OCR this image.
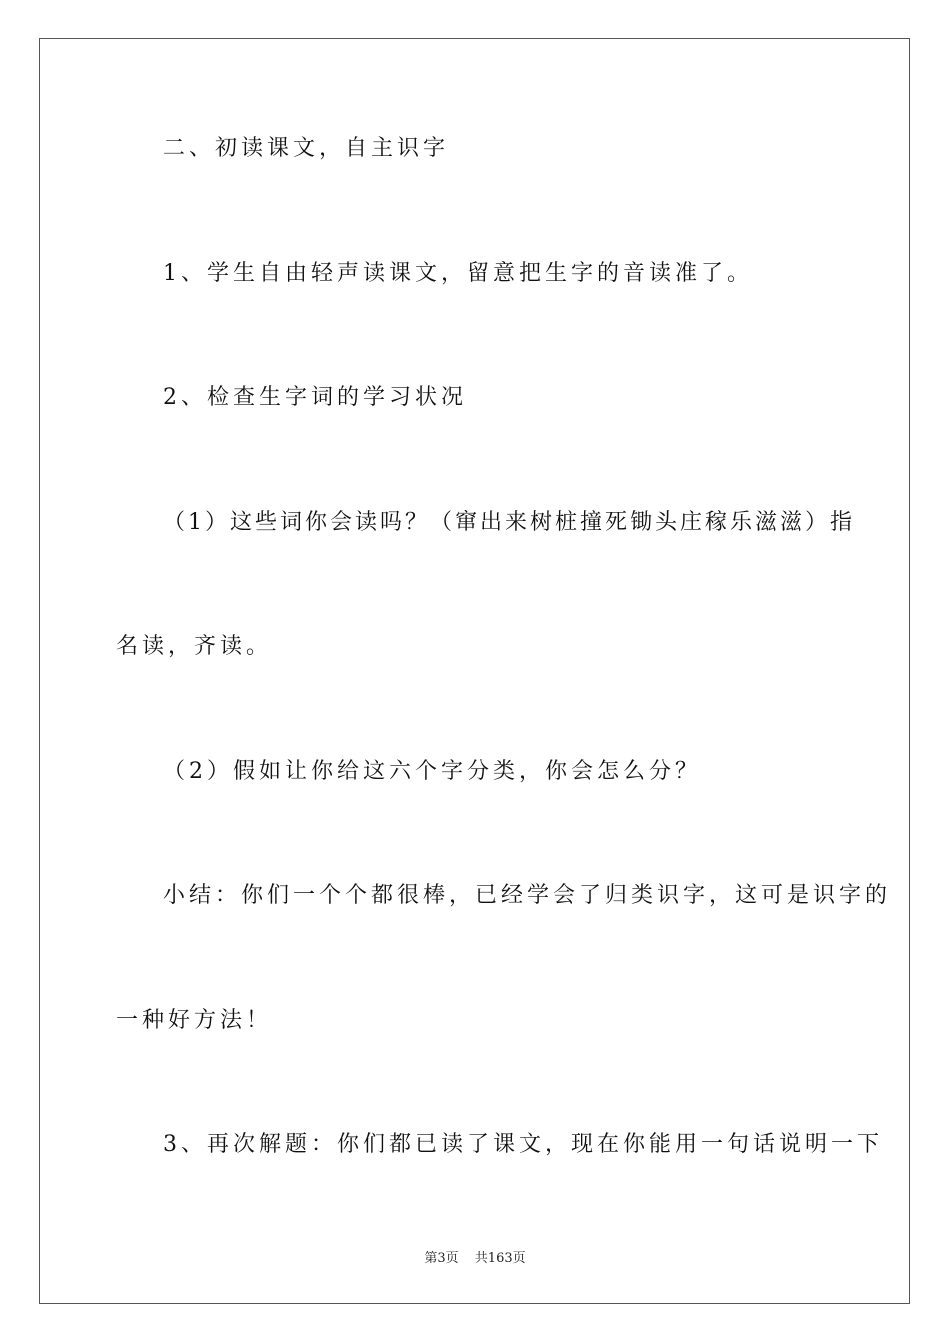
二、初读课文，自主识字
1、学生自由轻声读课文，留意把生字的音读准了。
2、检查生字词的学习状况
（1）这些词你会读吗？（窜出来树桩撞死锄头庄稼乐滋滋）指
名读，齐读。
（2）假如让你给这六个字分类，你会怎么分？
小结：你们一个个都很棒，已经学会了归类识字，这可是识字的
一种好方法！
3、再次解题：你们都已读了课文，现在你能用一句话说明一下
第3页 共163页
